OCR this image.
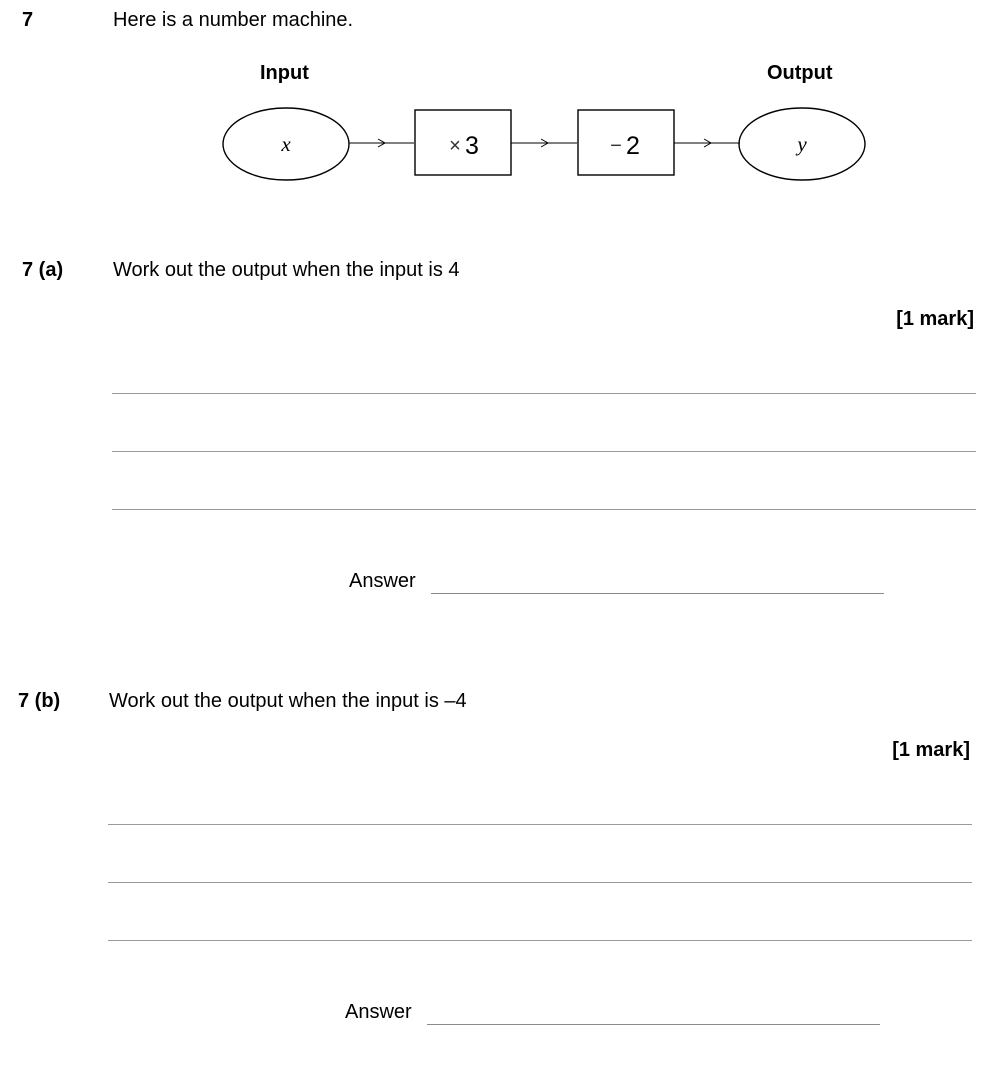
7	Here is a number machine.
Input	Output
x	× 3	− 2	y
7 (a) Work out the output when the input is 4
[1 mark]
Answer
7 (b) Work out the output when the input is –4
[1 mark]
Answer
